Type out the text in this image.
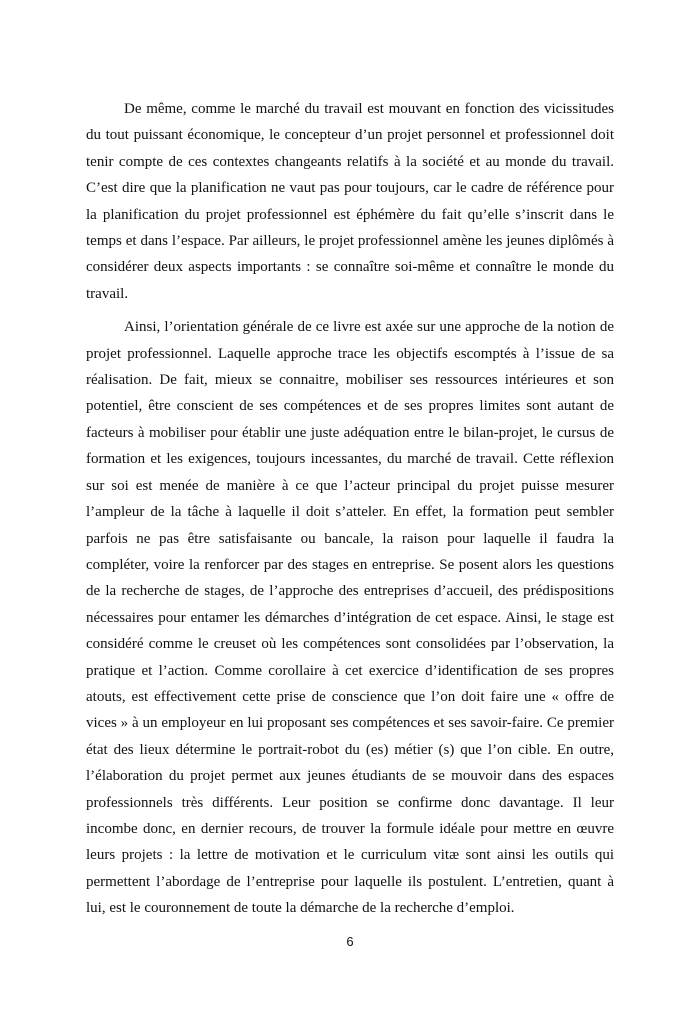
De même, comme le marché du travail est mouvant en fonction des vicissitudes du tout puissant économique, le concepteur d’un projet personnel et professionnel doit tenir compte de ces contextes changeants relatifs à la société et au monde du travail. C’est dire que la planification ne vaut pas pour toujours, car le cadre de référence pour la planification du projet professionnel est éphémère du fait qu’elle s’inscrit dans le temps et dans l’espace. Par ailleurs, le projet professionnel amène les jeunes diplômés à considérer deux aspects importants : se connaître soi-même et connaître le monde du travail.

Ainsi, l’orientation générale de ce livre est axée sur une approche de la notion de projet professionnel. Laquelle approche trace les objectifs escomptés à l’issue de sa réalisation. De fait, mieux se connaitre, mobiliser ses ressources intérieures et son potentiel, être conscient de ses compétences et de ses propres limites sont autant de facteurs à mobiliser pour établir une juste adéquation entre le bilan-projet, le cursus de formation et les exigences, toujours incessantes, du marché de travail. Cette réflexion sur soi est menée de manière à ce que l’acteur principal du projet puisse mesurer l’ampleur de la tâche à laquelle il doit s’atteler. En effet, la formation peut sembler parfois ne pas être satisfaisante ou bancale, la raison pour laquelle il faudra la compléter, voire la renforcer par des stages en entreprise. Se posent alors les questions de la recherche de stages, de l’approche des entreprises d’accueil, des prédispositions nécessaires pour entamer les démarches d’intégration de cet espace. Ainsi, le stage est considéré comme le creuset où les compétences sont consolidées par l’observation, la pratique et l’action. Comme corollaire à cet exercice d’identification de ses propres atouts, est effectivement cette prise de conscience que l’on doit faire une « offre de vices » à un employeur en lui proposant ses compétences et ses savoir-faire. Ce premier état des lieux détermine le portrait-robot du (es) métier (s) que l’on cible. En outre, l’élaboration du projet permet aux jeunes étudiants de se mouvoir dans des espaces professionnels très différents. Leur position se confirme donc davantage. Il leur incombe donc, en dernier recours, de trouver la formule idéale pour mettre en œuvre leurs projets : la lettre de motivation et le curriculum vitæ sont ainsi les outils qui permettent l’abordage de l’entreprise pour laquelle ils postulent. L’entretien, quant à lui, est le couronnement de toute la démarche de la recherche d’emploi.

6
